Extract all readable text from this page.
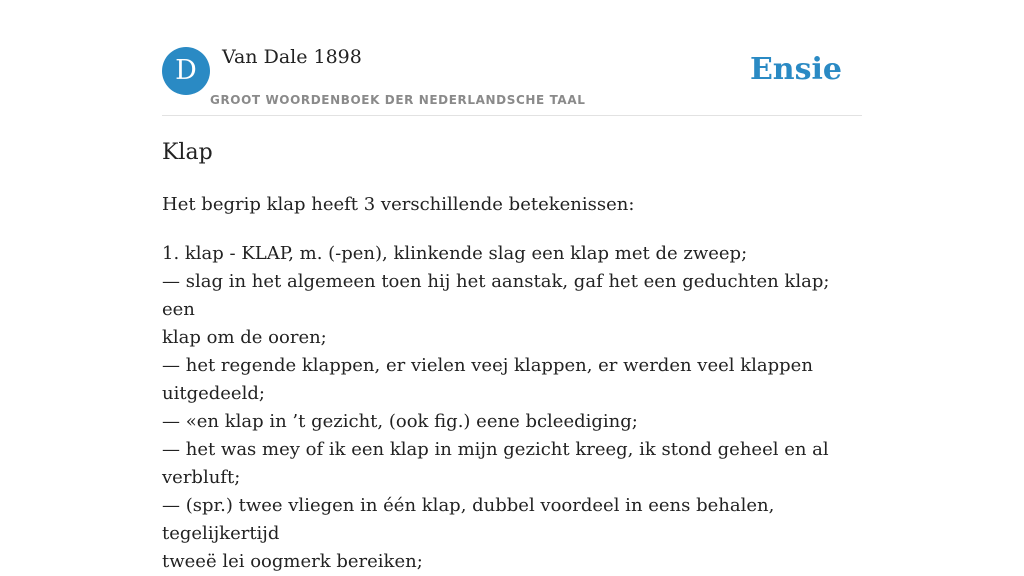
D	Van Dale 1898
GROOT WOORDENBOEK DER NEDERLANDSCHE TAAL
Ensie
Klap

Het begrip klap heeft 3 verschillende betekenissen:

1. klap - KLAP, m. (-pen), klinkende slag een klap met de zweep;
— slag in het algemeen toen hij het aanstak, gaf het een geduchten klap; een
klap om de ooren;
— het regende klappen, er vielen veej klappen, er werden veel klappen
uitgedeeld;
— «en klap in ’t gezicht, (ook fig.) eene bcleediging;
— het was mey of ik een klap in mijn gezicht kreeg, ik stond geheel en al
verbluft;
— (spr.) twee vliegen in één klap, dubbel voordeel in eens behalen, tegelijkertijd
tweeë lei oogmerk bereiken;
